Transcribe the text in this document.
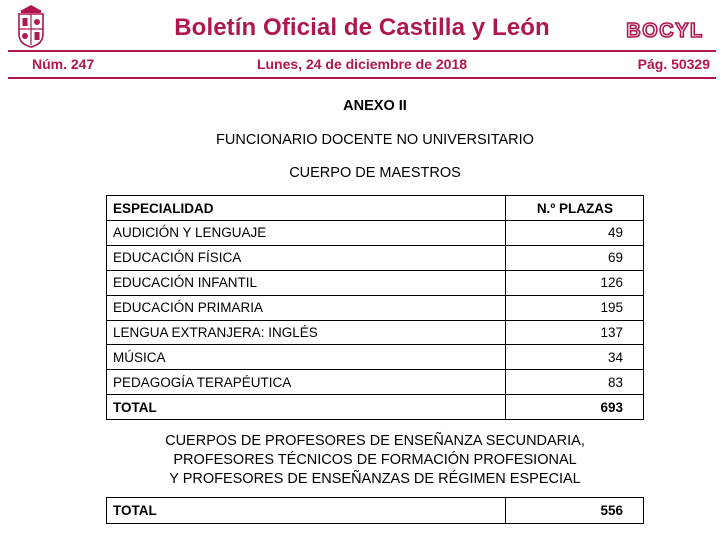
Boletín Oficial de Castilla y León	BOCYL
Núm. 247	Lunes, 24 de diciembre de 2018	Pág. 50329
ANEXO II
FUNCIONARIO DOCENTE NO UNIVERSITARIO
CUERPO DE MAESTROS
ESPECIALIDAD	N.º PLAZAS
AUDICIÓN Y LENGUAJE	49
EDUCACIÓN FÍSICA	69
EDUCACIÓN INFANTIL	126
EDUCACIÓN PRIMARIA	195
LENGUA EXTRANJERA: INGLÉS	137
MÚSICA	34
PEDAGOGÍA TERAPÉUTICA	83
TOTAL	693
CUERPOS DE PROFESORES DE ENSEÑANZA SECUNDARIA,
PROFESORES TÉCNICOS DE FORMACIÓN PROFESIONAL
Y PROFESORES DE ENSEÑANZAS DE RÉGIMEN ESPECIAL
TOTAL	556
